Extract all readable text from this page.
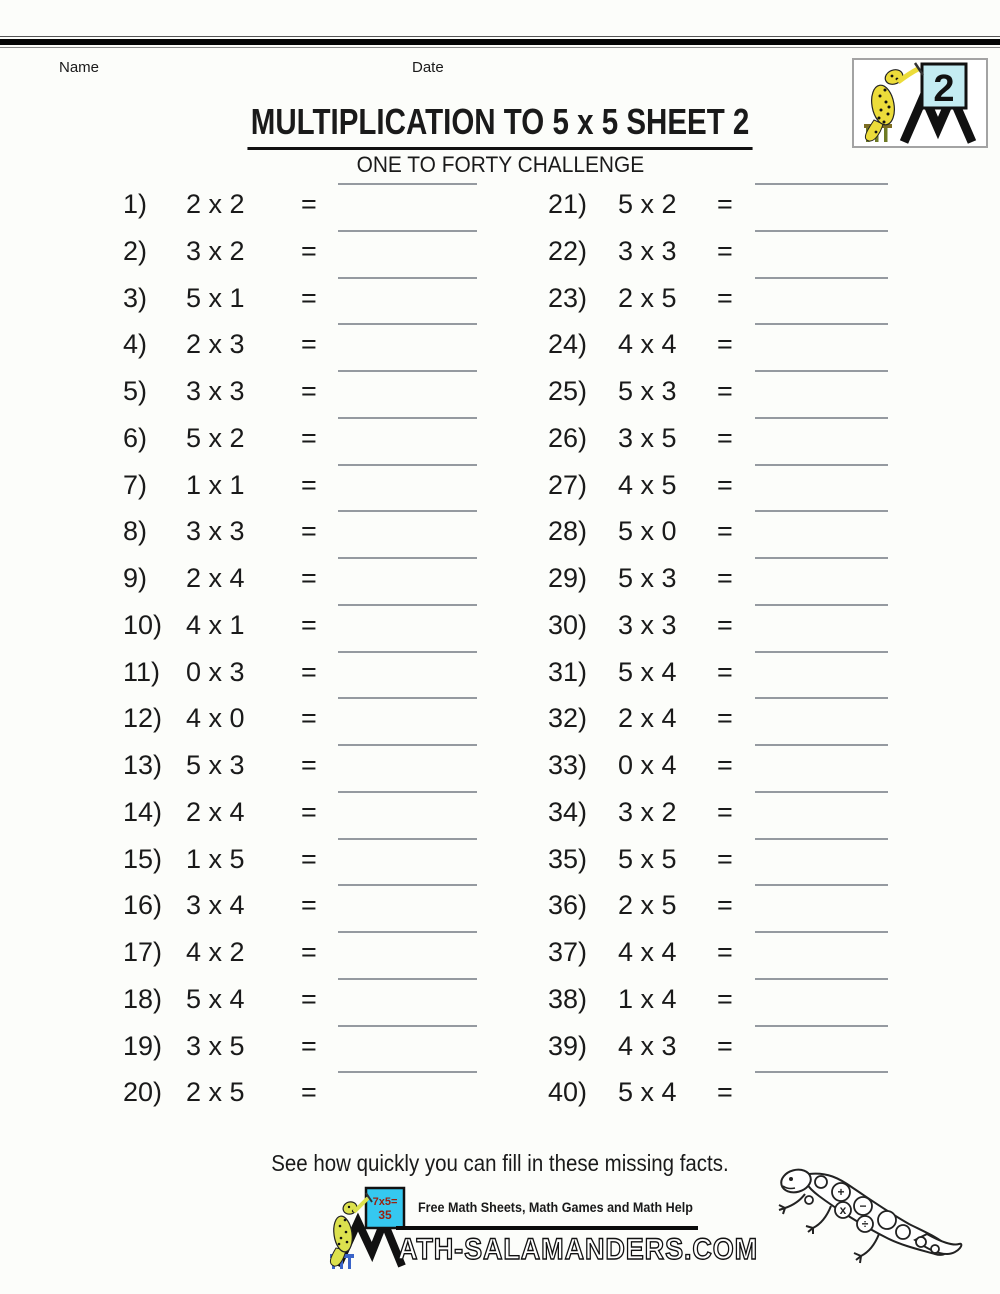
Name	Date
2
MULTIPLICATION TO 5 x 5 SHEET 2
ONE TO FORTY CHALLENGE
1) 2 x 2 =
2) 3 x 2 =
3) 5 x 1 =
4) 2 x 3 =
5) 3 x 3 =
6) 5 x 2 =
7) 1 x 1 =
8) 3 x 3 =
9) 2 x 4 =
10) 4 x 1 =
11) 0 x 3 =
12) 4 x 0 =
13) 5 x 3 =
14) 2 x 4 =
15) 1 x 5 =
16) 3 x 4 =
17) 4 x 2 =
18) 5 x 4 =
19) 3 x 5 =
20) 2 x 5 =
21) 5 x 2 =
22) 3 x 3 =
23) 2 x 5 =
24) 4 x 4 =
25) 5 x 3 =
26) 3 x 5 =
27) 4 x 5 =
28) 5 x 0 =
29) 5 x 3 =
30) 3 x 3 =
31) 5 x 4 =
32) 2 x 4 =
33) 0 x 4 =
34) 3 x 2 =
35) 5 x 5 =
36) 2 x 5 =
37) 4 x 4 =
38) 1 x 4 =
39) 4 x 3 =
40) 5 x 4 =
See how quickly you can fill in these missing facts.
7x5=
35 Free Math Sheets, Math Games and Math Help
ATH-SALAMANDERS.COM
+
−
x
÷
